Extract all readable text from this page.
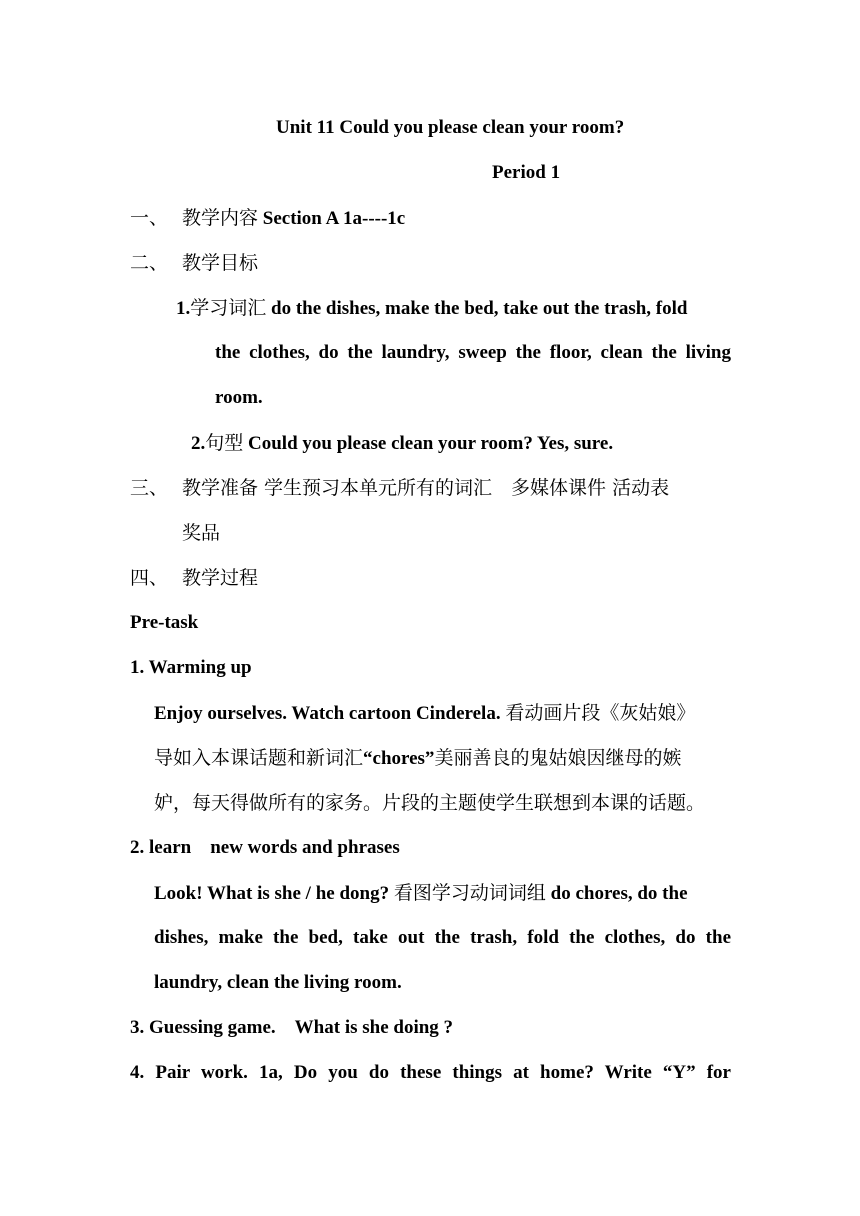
Unit 11 Could you please clean your room?
Period 1
一、 教学内容 Section A 1a----1c
二、 教学目标
1.学习词汇 do the dishes, make the bed, take out the trash, fold
the clothes, do the laundry, sweep the floor, clean the living
room.
2.句型 Could you please clean your room? Yes, sure.
三、 教学准备 学生预习本单元所有的词汇　多媒体课件 活动表
奖品
四、 教学过程
Pre-task
1. Warming up
Enjoy ourselves. Watch cartoon Cinderela. 看动画片段《灰姑娘》
导如入本课话题和新词汇“chores”美丽善良的鬼姑娘因继母的嫉
妒，每天得做所有的家务。片段的主题使学生联想到本课的话题。
2. learn　new words and phrases
Look! What is she / he dong? 看图学习动词词组 do chores, do the
dishes, make the bed, take out the trash, fold the clothes, do the
laundry, clean the living room.
3. Guessing game.　What is she doing ?
4. Pair work. 1a, Do you do these things at home? Write “Y” for
